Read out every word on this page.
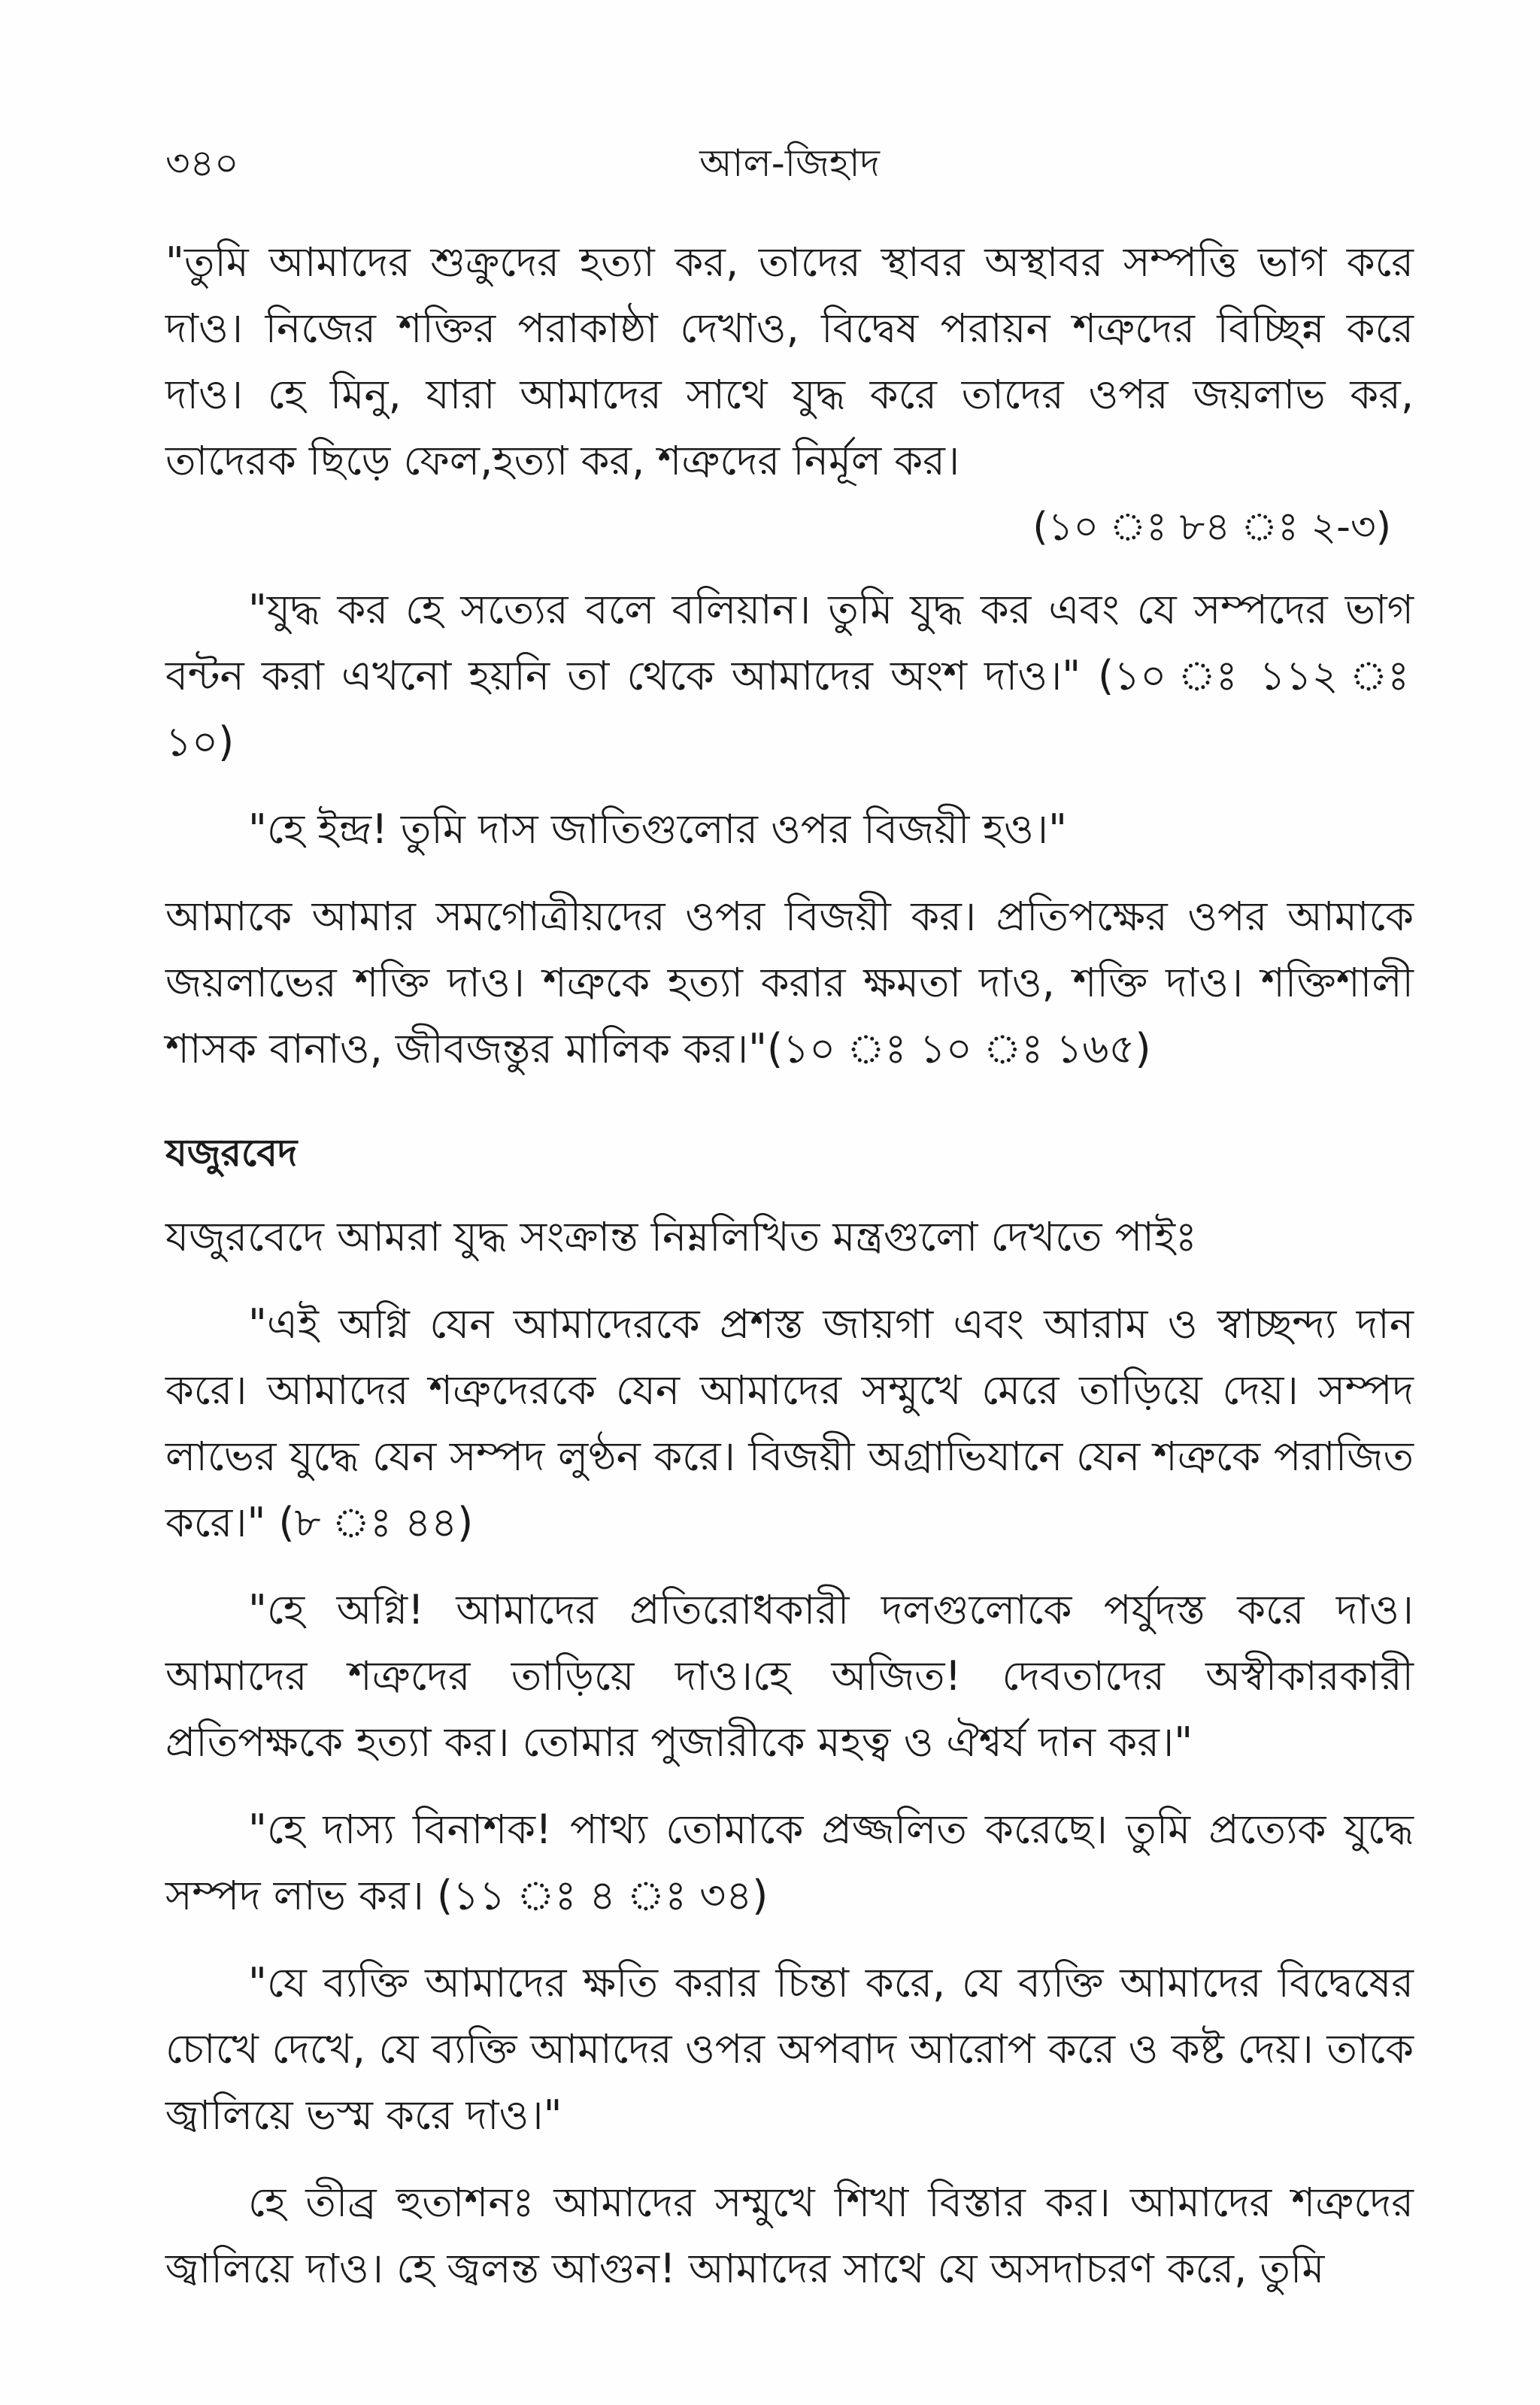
৩৪০	আল-জিহাদ

"তুমি আমাদের শুক্রুদের হত্যা কর, তাদের স্থাবর অস্থাবর সম্পত্তি ভাগ করে দাও। নিজের শক্তির পরাকাষ্ঠা দেখাও, বিদ্বেষ পরায়ন শত্রুদের বিচ্ছিন্ন করে দাও। হে মিনু, যারা আমাদের সাথে যুদ্ধ করে তাদের ওপর জয়লাভ কর, তাদেরক ছিড়ে ফেল,হত্যা কর, শত্রুদের নির্মূল কর।

(১০ ঃ ৮৪ ঃ ২-৩)

"যুদ্ধ কর হে সত্যের বলে বলিয়ান। তুমি যুদ্ধ কর এবং যে সম্পদের ভাগ বন্টন করা এখনো হয়নি তা থেকে আমাদের অংশ দাও।" (১০ ঃ ১১২ ঃ ১০)

"হে ইন্দ্র! তুমি দাস জাতিগুলোর ওপর বিজয়ী হও।"

আমাকে আমার সমগোত্রীয়দের ওপর বিজয়ী কর। প্রতিপক্ষের ওপর আমাকে জয়লাভের শক্তি দাও। শত্রুকে হত্যা করার ক্ষমতা দাও, শক্তি দাও। শক্তিশালী শাসক বানাও, জীবজন্তুর মালিক কর।"(১০ ঃ ১০ ঃ ১৬৫)

যজুরবেদ

যজুরবেদে আমরা যুদ্ধ সংক্রান্ত নিম্নলিখিত মন্ত্রগুলো দেখতে পাইঃ

"এই অগ্নি যেন আমাদেরকে প্রশস্ত জায়গা এবং আরাম ও স্বাচ্ছন্দ্য দান করে। আমাদের শত্রুদেরকে যেন আমাদের সম্মুখে মেরে তাড়িয়ে দেয়। সম্পদ লাভের যুদ্ধে যেন সম্পদ লুণ্ঠন করে। বিজয়ী অগ্রাভিযানে যেন শত্রুকে পরাজিত করে।" (৮ ঃ ৪৪)

"হে অগ্নি! আমাদের প্রতিরোধকারী দলগুলোকে পর্যুদস্ত করে দাও। আমাদের শত্রুদের তাড়িয়ে দাও।হে অজিত! দেবতাদের অস্বীকারকারী প্রতিপক্ষকে হত্যা কর। তোমার পুজারীকে মহত্ব ও ঐশ্বর্য দান কর।"

"হে দাস্য বিনাশক! পাথ্য তোমাকে প্রজ্জলিত করেছে। তুমি প্রত্যেক যুদ্ধে সম্পদ লাভ কর। (১১ ঃ ৪ ঃ ৩৪)

"যে ব্যক্তি আমাদের ক্ষতি করার চিন্তা করে, যে ব্যক্তি আমাদের বিদ্বেষের চোখে দেখে, যে ব্যক্তি আমাদের ওপর অপবাদ আরোপ করে ও কষ্ট দেয়। তাকে জ্বালিয়ে ভস্ম করে দাও।"

হে তীব্র হুতাশনঃ আমাদের সম্মুখে শিখা বিস্তার কর। আমাদের শত্রুদের জ্বালিয়ে দাও। হে জ্বলন্ত আগুন! আমাদের সাথে যে অসদাচরণ করে, তুমি
